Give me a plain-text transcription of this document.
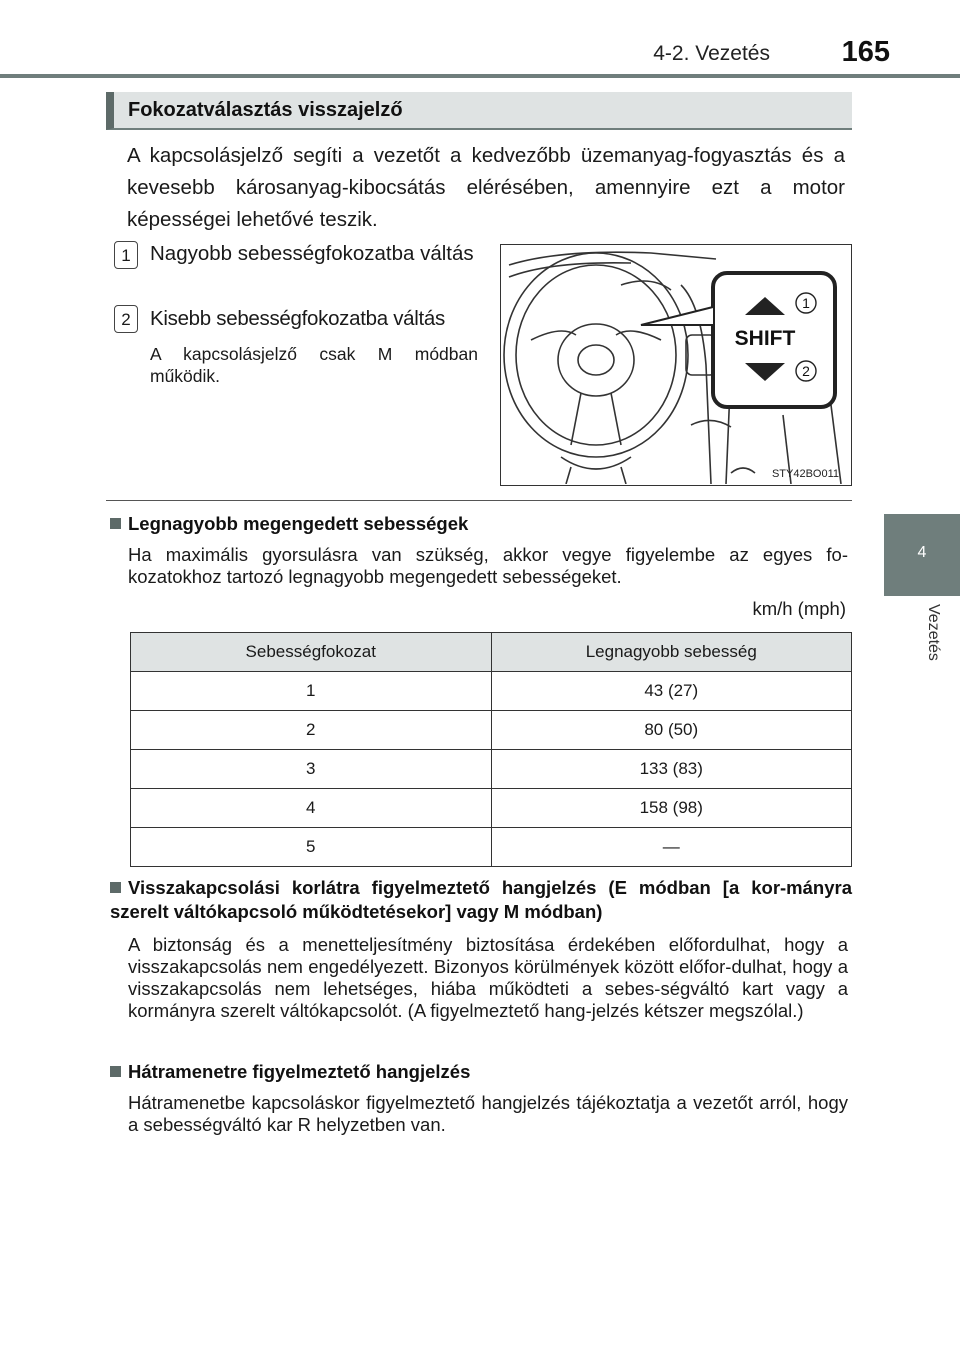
4-2. Vezetés	165
4
Vezetés
Fokozatválasztás visszajelző
A kapcsolásjelző segíti a vezetőt a kedvezőbb üzemanyag-fogyasztás és a kevesebb károsanyag-kibocsátás elérésében, amennyire ezt a motor képességei lehetővé teszik.
1 Nagyobb sebességfokozatba váltás
2 Kisebb sebességfokozatba váltás
A kapcsolásjelző csak M módban működik.
SHIFT
1
2
STY42BO011
Legnagyobb megengedett sebességek
Ha maximális gyorsulásra van szükség, akkor vegye figyelembe az egyes fo-kozatokhoz tartozó legnagyobb megengedett sebességeket.
km/h (mph)
Sebességfokozat	Legnagyobb sebesség
1	43 (27)
2	80 (50)
3	133 (83)
4	158 (98)
5	—
Visszakapcsolási korlátra figyelmeztető hangjelzés (E módban [a kor-mányra szerelt váltókapcsoló működtetésekor] vagy M módban)
A biztonság és a menetteljesítmény biztosítása érdekében előfordulhat, hogy a visszakapcsolás nem engedélyezett. Bizonyos körülmények között előfor-dulhat, hogy a visszakapcsolás nem lehetséges, hiába működteti a sebes-ségváltó kart vagy a kormányra szerelt váltókapcsolót. (A figyelmeztető hang-jelzés kétszer megszólal.)
Hátramenetre figyelmeztető hangjelzés
Hátramenetbe kapcsoláskor figyelmeztető hangjelzés tájékoztatja a vezetőt arról, hogy a sebességváltó kar R helyzetben van.
